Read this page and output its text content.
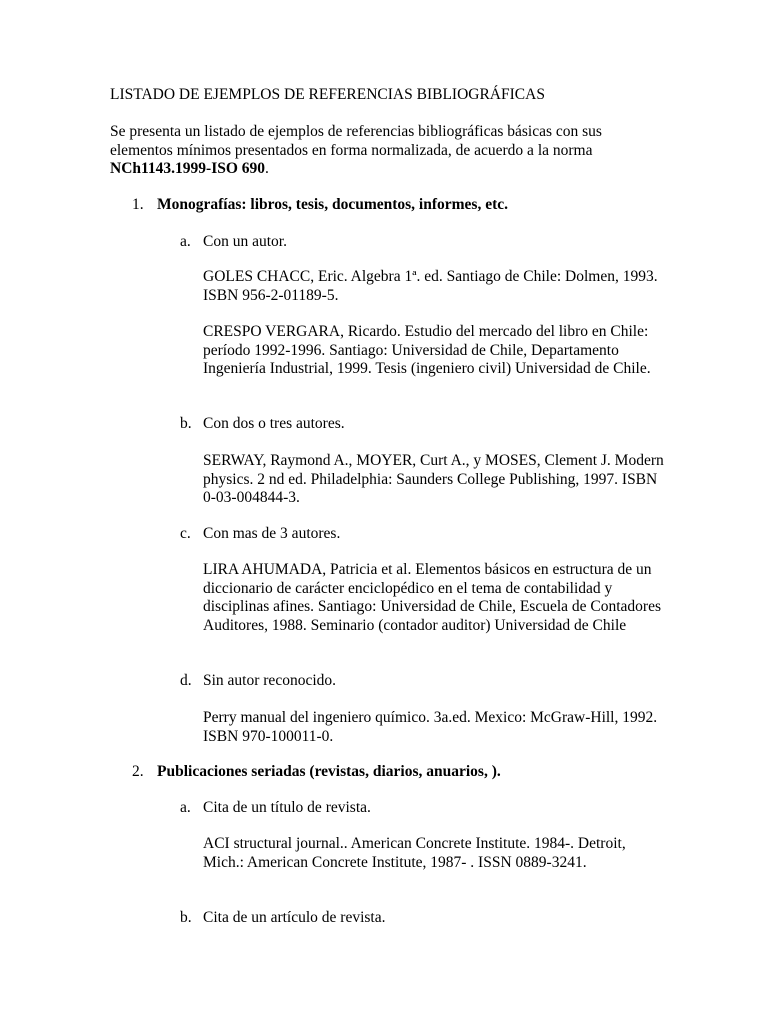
LISTADO DE EJEMPLOS DE REFERENCIAS BIBLIOGRÁFICAS

Se presenta un listado de ejemplos de referencias bibliográficas básicas con sus elementos mínimos presentados en forma normalizada, de acuerdo a la norma NCh1143.1999-ISO 690.

1. Monografías: libros, tesis, documentos, informes, etc.
a. Con un autor.

GOLES CHACC, Eric. Algebra 1ª. ed. Santiago de Chile: Dolmen, 1993. ISBN 956-2-01189-5.

CRESPO VERGARA, Ricardo. Estudio del mercado del libro en Chile: período 1992-1996. Santiago: Universidad de Chile, Departamento Ingeniería Industrial, 1999. Tesis (ingeniero civil) Universidad de Chile.

b. Con dos o tres autores.

SERWAY, Raymond A., MOYER, Curt A., y MOSES, Clement J. Modern physics. 2 nd ed. Philadelphia: Saunders College Publishing, 1997. ISBN 0-03-004844-3.

c. Con mas de 3 autores.

LIRA AHUMADA, Patricia et al. Elementos básicos en estructura de un diccionario de carácter enciclopédico en el tema de contabilidad y disciplinas afines. Santiago: Universidad de Chile, Escuela de Contadores Auditores, 1988. Seminario (contador auditor) Universidad de Chile

d. Sin autor reconocido.

Perry manual del ingeniero químico. 3a.ed. Mexico: McGraw-Hill, 1992. ISBN 970-100011-0.

2. Publicaciones seriadas (revistas, diarios, anuarios, ).
a. Cita de un título de revista.

ACI structural journal.. American Concrete Institute. 1984-. Detroit, Mich.: American Concrete Institute, 1987- . ISSN 0889-3241.

b. Cita de un artículo de revista.
